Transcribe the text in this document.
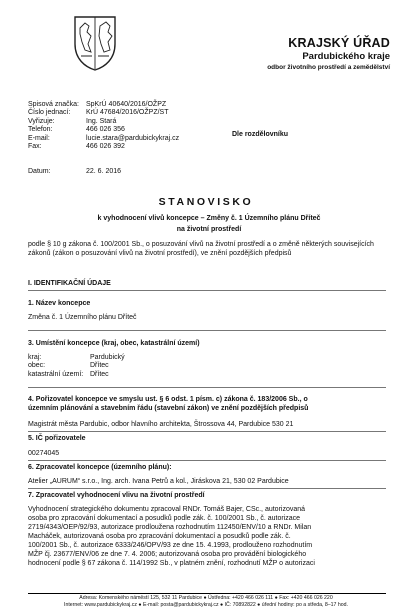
KRAJSKÝ ÚŘAD
Pardubického kraje
odbor životního prostředí a zemědělství
Spisová značka:	SpKrÚ 40640/2016/OŽPZ
Číslo jednací:	KrÚ 47684/2016/OŽPZ/ST
Vyřizuje:	Ing. Stará
Telefon:	466 026 356
E-mail:	lucie.stara@pardubickykraj.cz
Fax:	466 026 392
Dle rozdělovníku
Datum:	22. 6. 2016
STANOVISKO
k vyhodnocení vlivů koncepce – Změny č. 1 Územního plánu Dříteč
na životní prostředí
podle § 10 g zákona č. 100/2001 Sb., o posuzování vlivů na životní prostředí a o změně některých souvisejících zákonů (zákon o posuzování vlivů na životní prostředí), ve znění pozdějších předpisů
I. IDENTIFIKAČNÍ ÚDAJE
1. Název koncepce
Změna č. 1 Územního plánu Dříteč
3. Umístění koncepce (kraj, obec, katastrální území)
kraj:	Pardubický
obec:	Dřítec
katastrální území: Dřítec
4. Pořizovatel koncepce ve smyslu ust. § 6 odst. 1 písm. c) zákona č. 183/2006 Sb., o
územním plánování a stavebním řádu (stavební zákon) ve znění pozdějších předpisů
Magistrát města Pardubic, odbor hlavního architekta, Štrossova 44, Pardubice 530 21
5. IČ pořizovatele
00274045
6. Zpracovatel koncepce (územního plánu):
Atelier „AURUM“ s.r.o., Ing. arch. Ivana Petrů a kol., Jiráskova 21, 530 02 Pardubice
7. Zpracovatel vyhodnocení vlivu na životní prostředí
Vyhodnocení strategického dokumentu zpracoval RNDr. Tomáš Bajer, CSc., autorizovaná
osoba pro zpracování dokumentací a posudků podle zák. č. 100/2001 Sb., č. autorizace
2719/4343/OEP/92/93, autorizace prodloužena rozhodnutím 112450/ENV/10 a RNDr. Milan
Macháček, autorizovaná osoba pro zpracování dokumentací a posudků podle zák. č.
100/2001 Sb., č. autorizace 6333/246/OPV/93 ze dne 15. 4.1993, prodlouženo rozhodnutím
MŽP čj. 23677/ENV/06 ze dne 7. 4. 2006; autorizovaná osoba pro provádění biologického
hodnocení podle § 67 zákona č. 114/1992 Sb., v platném znění, rozhodnutí MŽP o autorizaci
Adresa: Komenského náměstí 125, 532 11 Pardubice ● Ústředna: +420 466 026 111 ● Fax: +420 466 026 220
Internet: www.pardubickykraj.cz ● E-mail: posta@pardubickykraj.cz ● IČ: 70892822 ● úřední hodiny: po a středa, 8–17 hod.
